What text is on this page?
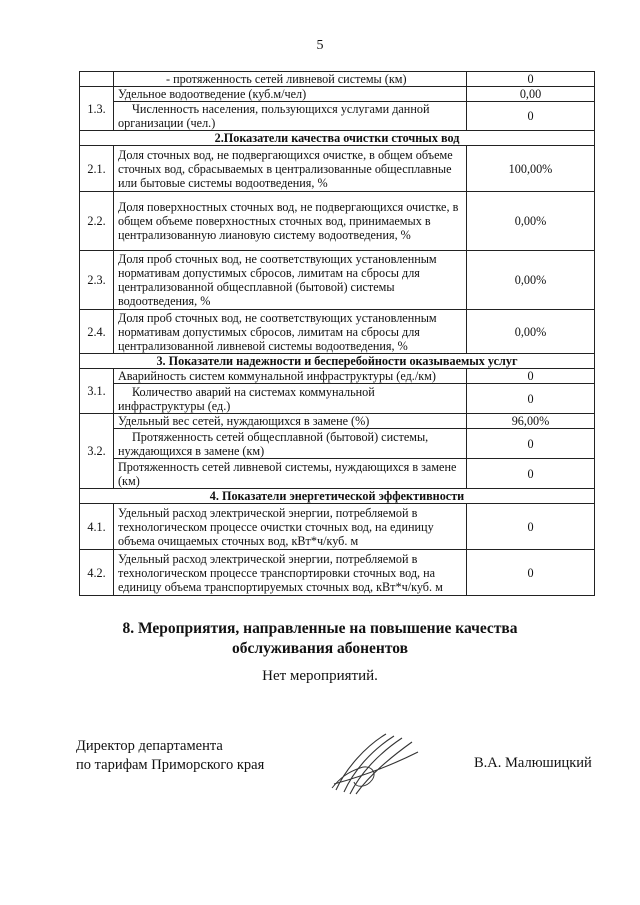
5
	- протяженность сетей ливневой системы (км)	0
1.3.	Удельное водоотведение (куб.м/чел)	0,00
	Численность населения, пользующихся услугами данной организации (чел.)	0
2.Показатели качества очистки сточных вод		
2.1.	Доля сточных вод, не подвергающихся очистке, в общем объеме сточных вод, сбрасываемых в централизованные общесплавные или бытовые системы водоотведения, %	100,00%
2.2.	Доля поверхностных сточных вод, не подвергающихся очистке, в общем объеме поверхностных сточных вод, принимаемых в централизованную лиановую систему водоотведения, %	0,00%
2.3.	Доля проб сточных вод, не соответствующих установленным нормативам допустимых сбросов, лимитам на сбросы для централизованной общесплавной (бытовой) системы водоотведения, %	0,00%
2.4.	Доля проб сточных вод, не соответствующих установленным нормативам допустимых сбросов, лимитам на сбросы для централизованной ливневой системы водоотведения, %	0,00%
3. Показатели надежности и бесперебойности оказываемых услуг		
3.1.	Аварийность систем коммунальной инфраструктуры (ед./км)	0
	Количество аварий на системах коммунальной инфраструктуры (ед.)	0
3.2.	Удельный вес сетей, нуждающихся в замене (%)	96,00%
	Протяженность сетей общесплавной (бытовой) системы, нуждающихся в замене (км)	0
	Протяженность сетей ливневой системы, нуждающихся в замене (км)	0
4. Показатели энергетической эффективности		
4.1.	Удельный расход электрической энергии, потребляемой в технологическом процессе очистки сточных вод, на единицу объема очищаемых сточных вод, кВт*ч/куб. м	0
4.2.	Удельный расход электрической энергии, потребляемой в технологическом процессе транспортировки сточных вод, на единицу объема транспортируемых сточных вод, кВт*ч/куб. м	0
8. Мероприятия, направленные на повышение качества
обслуживания абонентов
Нет мероприятий.
Директор департамента
по тарифам Приморского края	В.А. Малюшицкий
